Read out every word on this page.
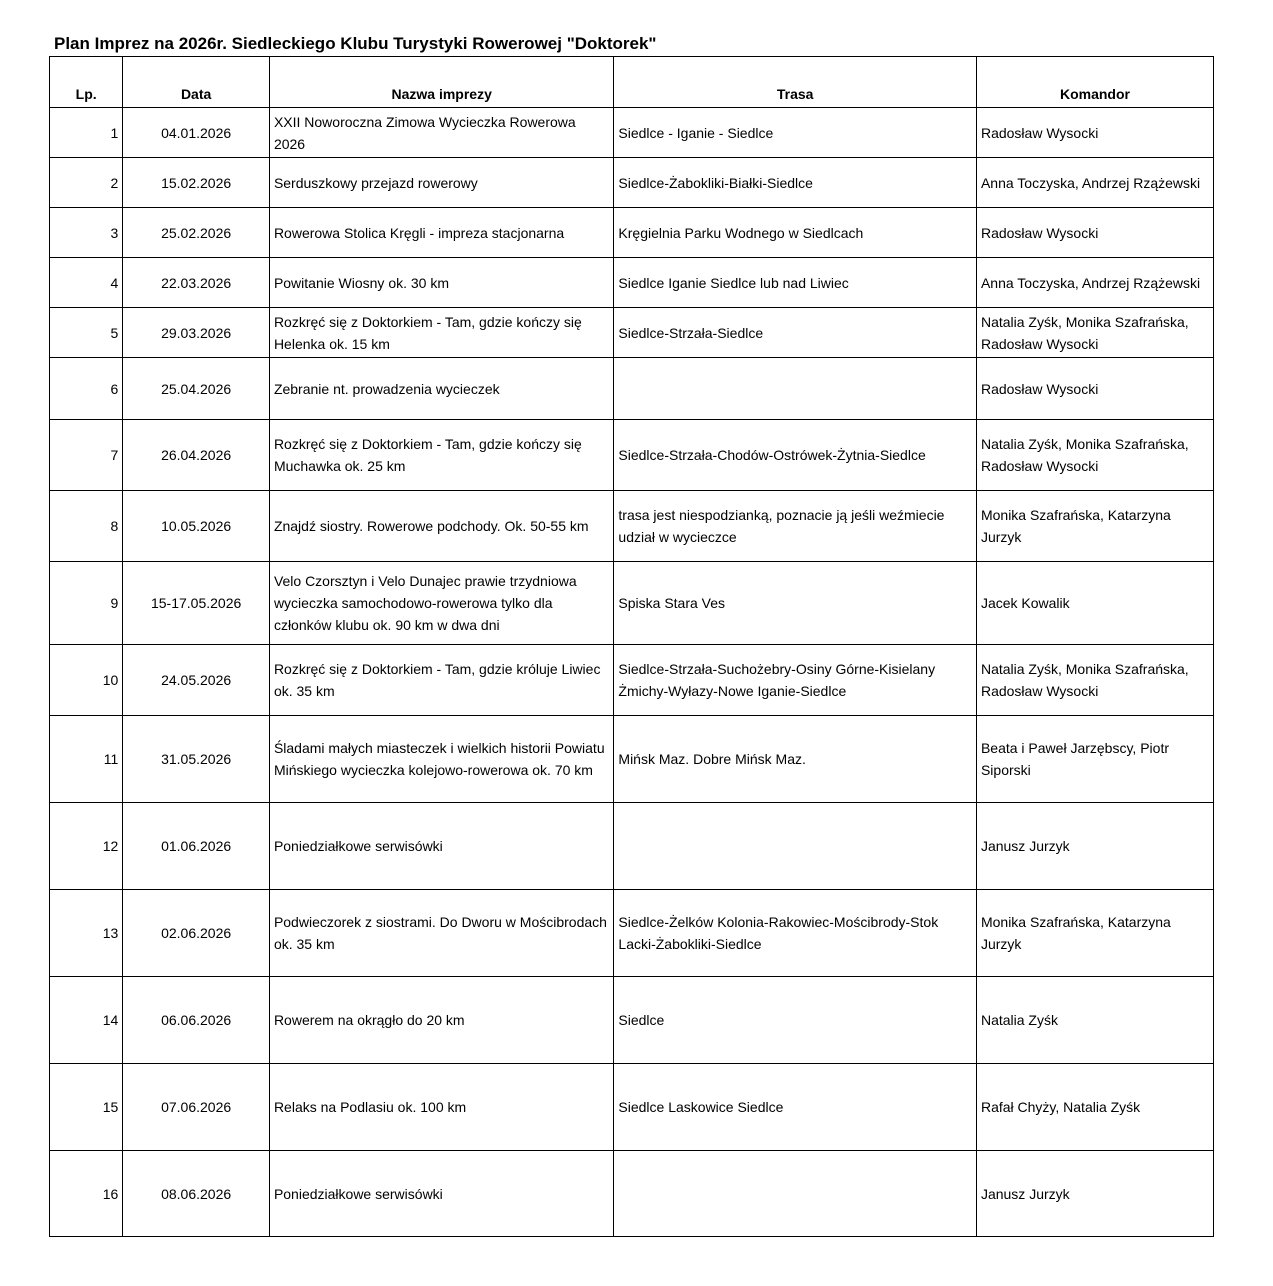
Plan Imprez na 2026r. Siedleckiego Klubu Turystyki Rowerowej "Doktorek"
Lp.	Data	Nazwa imprezy	Trasa	Komandor
1	04.01.2026	XXII Noworoczna Zimowa Wycieczka Rowerowa 2026	Siedlce - Iganie - Siedlce	Radosław Wysocki
2	15.02.2026	Serduszkowy przejazd rowerowy	Siedlce-Żabokliki-Białki-Siedlce	Anna Toczyska, Andrzej Rzążewski
3	25.02.2026	Rowerowa Stolica Kręgli - impreza stacjonarna	Kręgielnia Parku Wodnego w Siedlcach	Radosław Wysocki
4	22.03.2026	Powitanie Wiosny ok. 30 km	Siedlce Iganie Siedlce lub nad Liwiec	Anna Toczyska, Andrzej Rzążewski
5	29.03.2026	Rozkręć się z Doktorkiem - Tam, gdzie kończy się Helenka ok. 15 km	Siedlce-Strzała-Siedlce	Natalia Zyśk, Monika Szafrańska, Radosław Wysocki
6	25.04.2026	Zebranie nt. prowadzenia wycieczek		Radosław Wysocki
7	26.04.2026	Rozkręć się z Doktorkiem - Tam, gdzie kończy się Muchawka ok. 25 km	Siedlce-Strzała-Chodów-Ostrówek-Żytnia-Siedlce	Natalia Zyśk, Monika Szafrańska, Radosław Wysocki
8	10.05.2026	Znajdź siostry. Rowerowe podchody. Ok. 50-55 km	trasa jest niespodzianką, poznacie ją jeśli weźmiecie udział w wycieczce	Monika Szafrańska, Katarzyna Jurzyk
9	15-17.05.2026	Velo Czorsztyn i Velo Dunajec prawie trzydniowa wycieczka samochodowo-rowerowa tylko dla członków klubu ok. 90 km w dwa dni	Spiska Stara Ves	Jacek Kowalik
10	24.05.2026	Rozkręć się z Doktorkiem - Tam, gdzie króluje Liwiec ok. 35 km	Siedlce-Strzała-Suchożebry-Osiny Górne-Kisielany Żmichy-Wyłazy-Nowe Iganie-Siedlce	Natalia Zyśk, Monika Szafrańska, Radosław Wysocki
11	31.05.2026	Śladami małych miasteczek i wielkich historii Powiatu Mińskiego wycieczka kolejowo-rowerowa ok. 70 km	Mińsk Maz. Dobre Mińsk Maz.	Beata i Paweł Jarzębscy, Piotr Siporski
12	01.06.2026	Poniedziałkowe serwisówki		Janusz Jurzyk
13	02.06.2026	Podwieczorek z siostrami. Do Dworu w Mościbrodach ok. 35 km	Siedlce-Żelków Kolonia-Rakowiec-Mościbrody-Stok Lacki-Żabokliki-Siedlce	Monika Szafrańska, Katarzyna Jurzyk
14	06.06.2026	Rowerem na okrągło do 20 km	Siedlce	Natalia Zyśk
15	07.06.2026	Relaks na Podlasiu ok. 100 km	Siedlce Laskowice Siedlce	Rafał Chyży, Natalia Zyśk
16	08.06.2026	Poniedziałkowe serwisówki		Janusz Jurzyk
